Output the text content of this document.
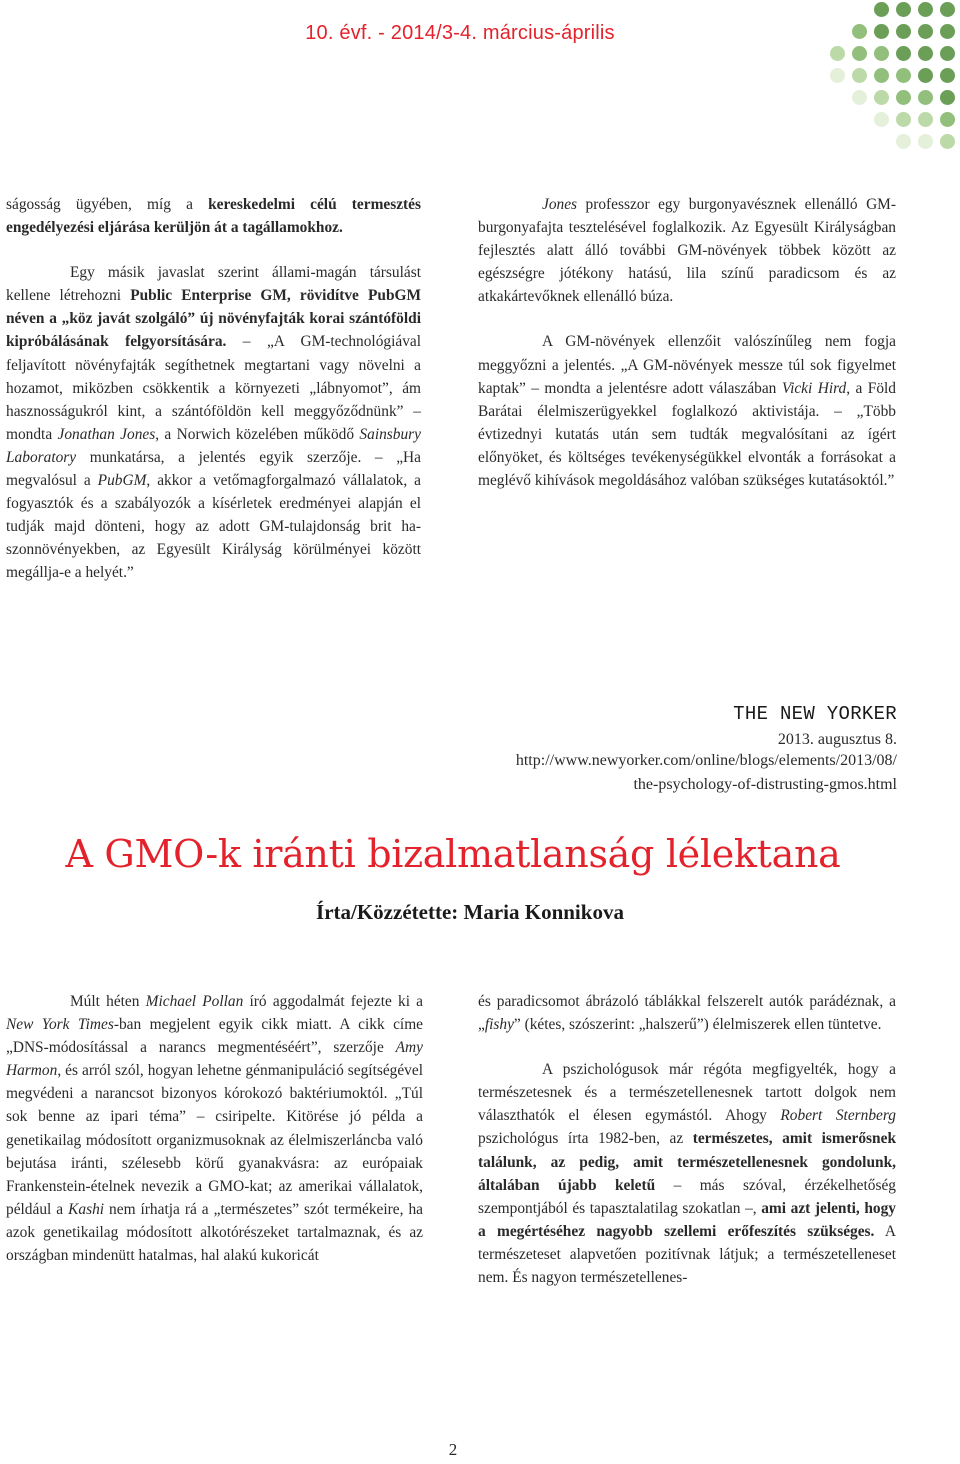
10. évf. - 2014/3-4. március-április

ságosság ügyében, míg a kereskedelmi célú termesztés engedélyezési eljárása kerüljön át a tagállamokhoz.

Egy másik javaslat szerint állami-magán társulást kellene létrehozni Public Enterprise GM, rövidítve PubGM néven a „köz javát szolgáló” új növényfajták korai szántóföldi kipróbálásának felgyorsítására. – „A GM-technológiával feljavított növényfajták segíthetnek megtartani vagy növelni a hozamot, miközben csökkentik a környezeti „lábnyomot”, ám hasznosságukról kint, a szántóföldön kell meggyőződnünk” – mondta Jonathan Jones, a Norwich közelében működő Sainsbury Laboratory munkatársa, a jelentés egyik szerzője. – „Ha megvalósul a PubGM, akkor a vetőmagforgalmazó vállalatok, a fogyasztók és a szabályozók a kísérletek eredményei alapján el tudják majd dönteni, hogy az adott GM-tulajdonság brit haszonnövényekben, az Egyesült Királyság körülményei között megállja-e a helyét.”

Jones professzor egy burgonyavésznek ellenálló GM-burgonyafajta tesztelésével foglalkozik. Az Egyesült Királyságban fejlesztés alatt álló további GM-növények többek között az egészségre jótékony hatású, lila színű paradicsom és az atkakártevőknek ellenálló búza.

A GM-növények ellenzőit valószínűleg nem fogja meggyőzni a jelentés. „A GM-növények messze túl sok figyelmet kaptak” – mondta a jelentésre adott válaszában Vicki Hird, a Föld Barátai élelmiszerügyekkel foglalkozó aktivistája. – „Több évtizednyi kutatás után sem tudták megvalósítani az ígért előnyöket, és költséges tevékenységükkel elvonták a forrásokat a meglévő kihívások megoldásához valóban szükséges kutatásoktól.”

THE NEW YORKER
2013. augusztus 8.
http://www.newyorker.com/online/blogs/elements/2013/08/
the-psychology-of-distrusting-gmos.html
A GMO-k iránti bizalmatlanság lélektana
Írta/Közzétette: Maria Konnikova

Múlt héten Michael Pollan író aggodalmát fejezte ki a New York Times-ban megjelent egyik cikk miatt. A cikk címe „DNS-módosítással a narancs megmentéséért”, szerzője Amy Harmon, és arról szól, hogyan lehetne génmanipuláció segítségével megvédeni a narancsot bizonyos kórokozó baktériumoktól. „Túl sok benne az ipari téma” – csiripelte. Kitörése jó példa a genetikailag módosított organizmusoknak az élelmiszerláncba való bejutása iránti, szélesebb körű gyanakvásra: az európaiak Frankenstein-ételnek nevezik a GMO-kat; az amerikai vállalatok, például a Kashi nem írhatja rá a „természetes” szót termékeire, ha azok genetikailag módosított alkotórészeket tartalmaznak, és az országban mindenütt hatalmas, hal alakú kukoricát

és paradicsomot ábrázoló táblákkal felszerelt autók parádéznak, a „fishy” (kétes, szószerint: „halszerű”) élelmiszerek ellen tüntetve.

A pszichológusok már régóta megfigyelték, hogy a természetesnek és a természetellenesnek tartott dolgok nem választhatók el élesen egymástól. Ahogy Robert Sternberg pszichológus írta 1982-ben, az természetes, amit ismerősnek találunk, az pedig, amit természetellenesnek gondolunk, általában újabb keletű – más szóval, érzékelhetőség szempontjából és tapasztalatilag szokatlan –, ami azt jelenti, hogy a megértéséhez nagyobb szellemi erőfeszítés szükséges. A természeteset alapvetően pozitívnak látjuk; a természetelleneset nem. És nagyon természetellenes-

2
